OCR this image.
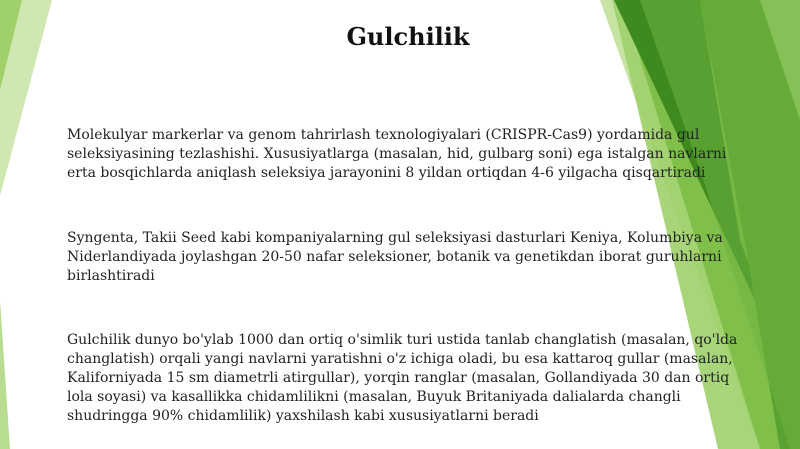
Gulchilik
Molekulyar markerlar va genom tahrirlash texnologiyalari (CRISPR-Cas9) yordamida gul seleksiyasining tezlashishi. Xususiyatlarga (masalan, hid, gulbarg soni) ega istalgan navlarni erta bosqichlarda aniqlash seleksiya jarayonini 8 yildan ortiqdan 4-6 yilgacha qisqartiradi
Syngenta, Takii Seed kabi kompaniyalarning gul seleksiyasi dasturlari Keniya, Kolumbiya va Niderlandiyada joylashgan 20-50 nafar seleksioner, botanik va genetikdan iborat guruhlarni birlashtiradi
Gulchilik dunyo bo'ylab 1000 dan ortiq o'simlik turi ustida tanlab changlatish (masalan, qo'lda changlatish) orqali yangi navlarni yaratishni o'z ichiga oladi, bu esa kattaroq gullar (masalan, Kaliforniyada 15 sm diametrli atirgullar), yorqin ranglar (masalan, Gollandiyada 30 dan ortiq lola soyasi) va kasallikka chidamlilikni (masalan, Buyuk Britaniyada dalialarda changli shudringga 90% chidamlilik) yaxshilash kabi xususiyatlarni beradi
